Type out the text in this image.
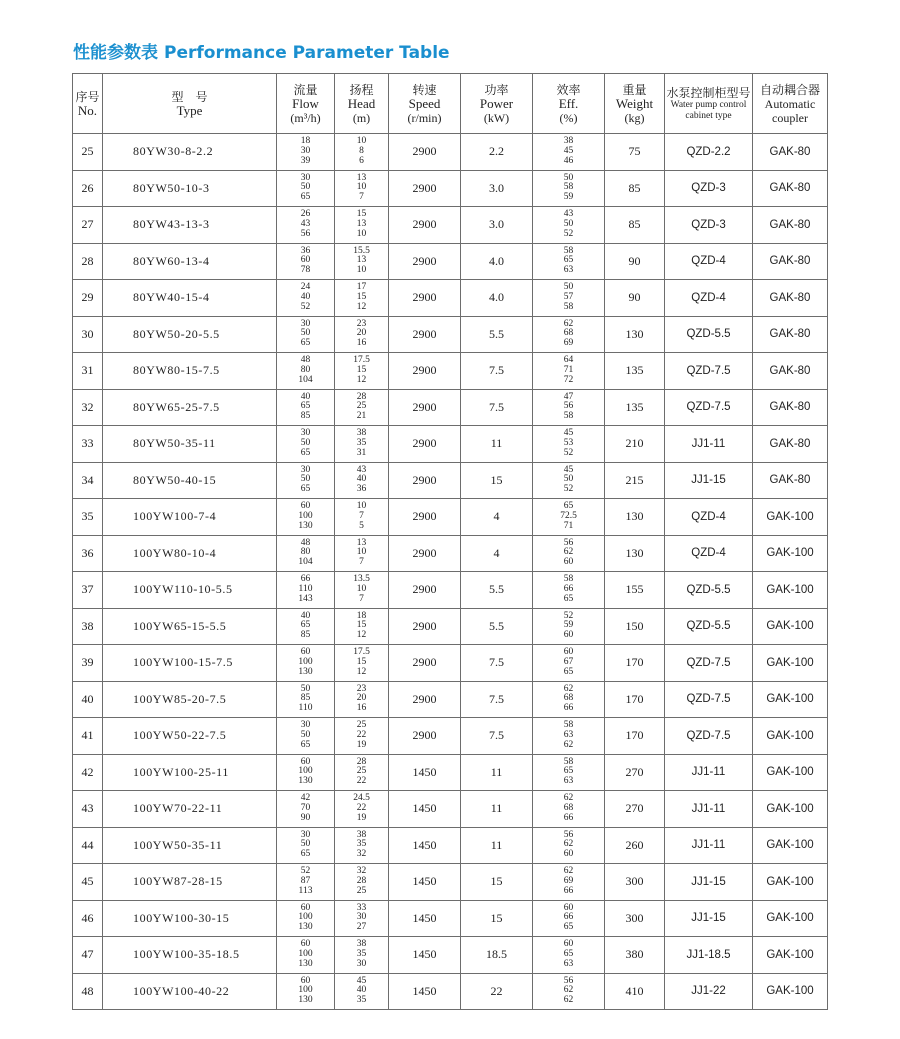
性能参数表 Performance Parameter Table
序号
No.	型　号
Type	流量
Flow
(m³/h)	扬程
Head
(m)	转速
Speed
(r/min)	功率
Power
(kW)	效率
Eff.
(%)	重量
Weight
(kg)	水泵控制柜型号
Water pump control
cabinet type	自动耦合器
Automatic
coupler

25	80YW30-8-2.2	18
30
39	10
8
6	2900	2.2	38
45
46	75	QZD-2.2	GAK-80
26	80YW50-10-3	30
50
65	13
10
7	2900	3.0	50
58
59	85	QZD-3	GAK-80
27	80YW43-13-3	26
43
56	15
13
10	2900	3.0	43
50
52	85	QZD-3	GAK-80
28	80YW60-13-4	36
60
78	15.5
13
10	2900	4.0	58
65
63	90	QZD-4	GAK-80
29	80YW40-15-4	24
40
52	17
15
12	2900	4.0	50
57
58	90	QZD-4	GAK-80
30	80YW50-20-5.5	30
50
65	23
20
16	2900	5.5	62
68
69	130	QZD-5.5	GAK-80
31	80YW80-15-7.5	48
80
104	17.5
15
12	2900	7.5	64
71
72	135	QZD-7.5	GAK-80
32	80YW65-25-7.5	40
65
85	28
25
21	2900	7.5	47
56
58	135	QZD-7.5	GAK-80
33	80YW50-35-11	30
50
65	38
35
31	2900	11	45
53
52	210	JJ1-11	GAK-80
34	80YW50-40-15	30
50
65	43
40
36	2900	15	45
50
52	215	JJ1-15	GAK-80
35	100YW100-7-4	60
100
130	10
7
5	2900	4	65
72.5
71	130	QZD-4	GAK-100
36	100YW80-10-4	48
80
104	13
10
7	2900	4	56
62
60	130	QZD-4	GAK-100
37	100YW110-10-5.5	66
110
143	13.5
10
7	2900	5.5	58
66
65	155	QZD-5.5	GAK-100
38	100YW65-15-5.5	40
65
85	18
15
12	2900	5.5	52
59
60	150	QZD-5.5	GAK-100
39	100YW100-15-7.5	60
100
130	17.5
15
12	2900	7.5	60
67
65	170	QZD-7.5	GAK-100
40	100YW85-20-7.5	50
85
110	23
20
16	2900	7.5	62
68
66	170	QZD-7.5	GAK-100
41	100YW50-22-7.5	30
50
65	25
22
19	2900	7.5	58
63
62	170	QZD-7.5	GAK-100
42	100YW100-25-11	60
100
130	28
25
22	1450	11	58
65
63	270	JJ1-11	GAK-100
43	100YW70-22-11	42
70
90	24.5
22
19	1450	11	62
68
66	270	JJ1-11	GAK-100
44	100YW50-35-11	30
50
65	38
35
32	1450	11	56
62
60	260	JJ1-11	GAK-100
45	100YW87-28-15	52
87
113	32
28
25	1450	15	62
69
66	300	JJ1-15	GAK-100
46	100YW100-30-15	60
100
130	33
30
27	1450	15	60
66
65	300	JJ1-15	GAK-100
47	100YW100-35-18.5	60
100
130	38
35
30	1450	18.5	60
65
63	380	JJ1-18.5	GAK-100
48	100YW100-40-22	60
100
130	45
40
35	1450	22	56
62
62	410	JJ1-22	GAK-100
